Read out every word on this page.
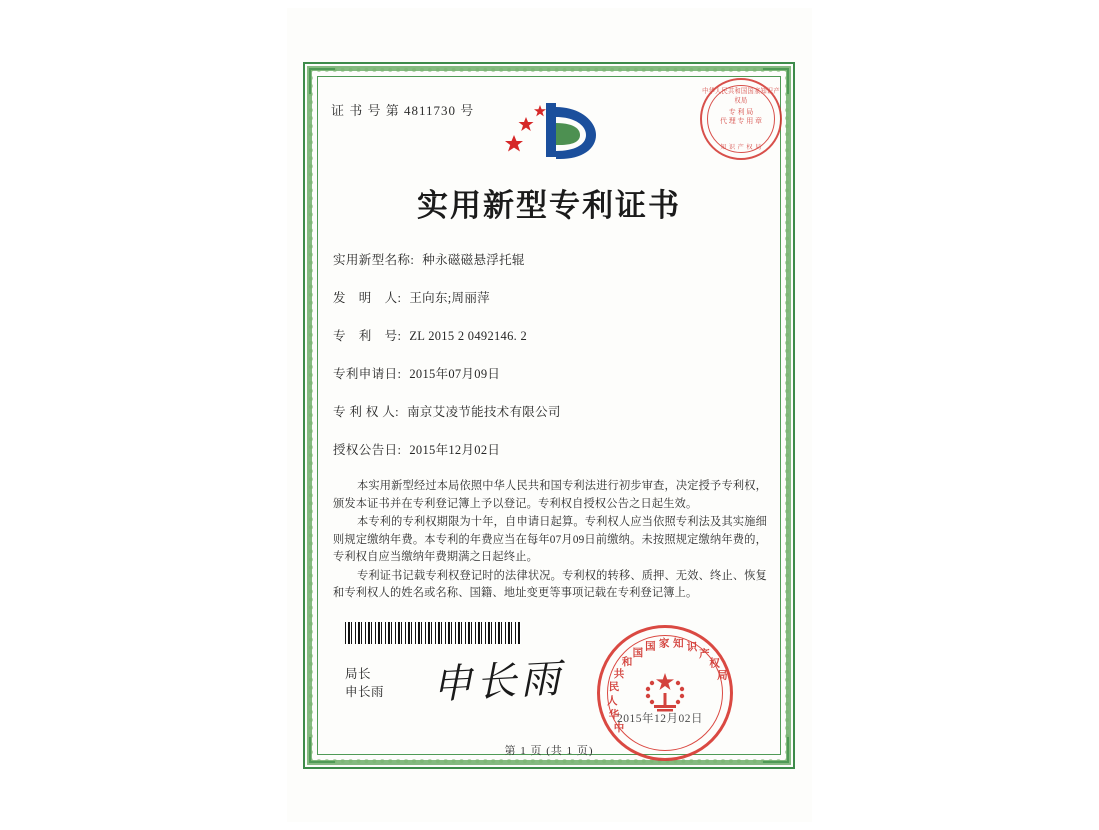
证 书 号 第 4811730 号
中华人民共和国国家知识产权局
专 利 局
代 理 专 用 章
知 识 产 权 局
实用新型专利证书
实用新型名称: 种永磁磁悬浮托辊
发　明　人: 王向东;周丽萍
专　利　号: ZL 2015 2 0492146. 2
专利申请日: 2015年07月09日
专 利 权 人: 南京艾凌节能技术有限公司
授权公告日: 2015年12月02日

本实用新型经过本局依照中华人民共和国专利法进行初步审查，决定授予专利权，颁发本证书并在专利登记簿上予以登记。专利权自授权公告之日起生效。

本专利的专利权期限为十年，自申请日起算。专利权人应当依照专利法及其实施细则规定缴纳年费。本专利的年费应当在每年07月09日前缴纳。未按照规定缴纳年费的，专利权自应当缴纳年费期满之日起终止。

专利证书记载专利权登记时的法律状况。专利权的转移、质押、无效、终止、恢复和专利权人的姓名或名称、国籍、地址变更等事项记载在专利登记簿上。

局长
申长雨 申长雨
中
华
人
民
共
和
国
国 家 知 识
产
权
局
2015年12月02日
第 1 页 (共 1 页)
